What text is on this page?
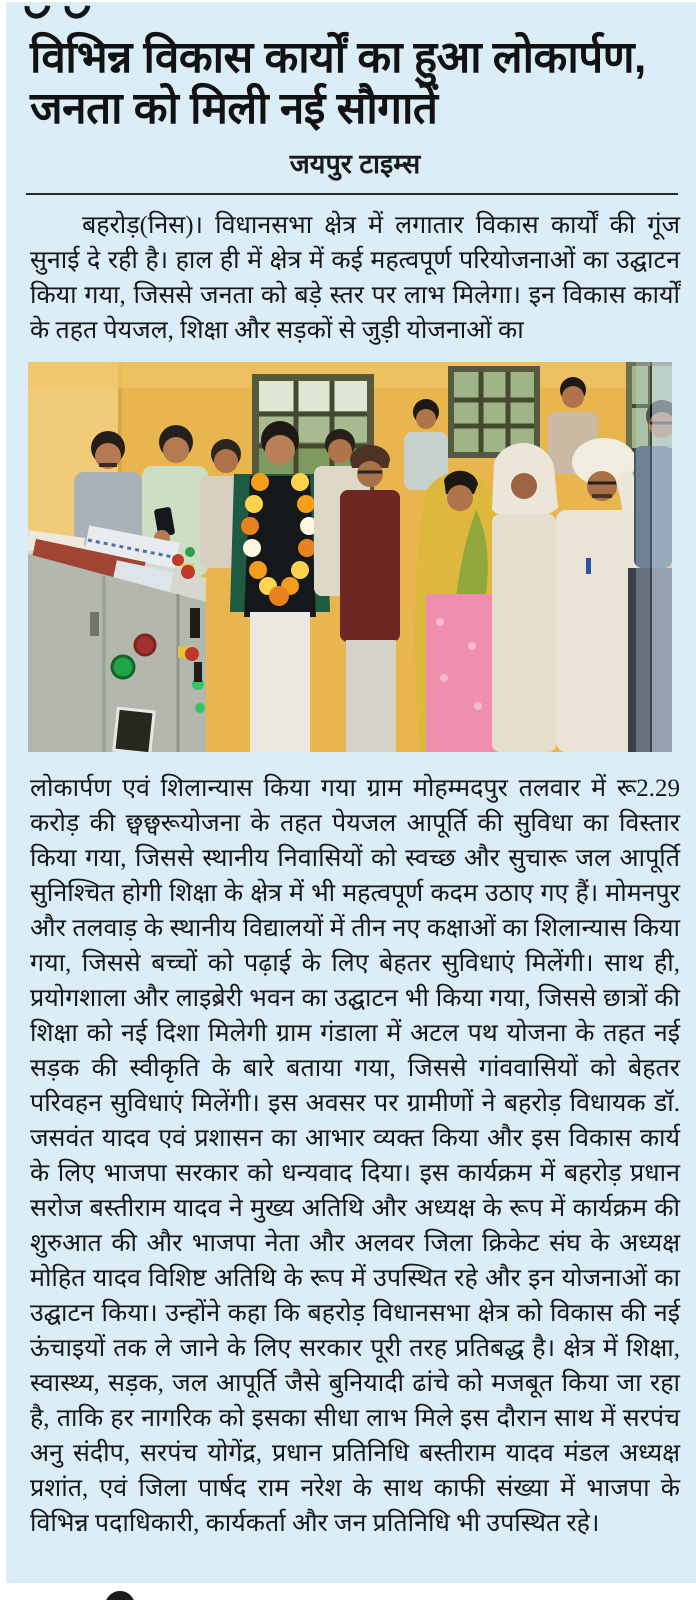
विभिन्न विकास कार्यों का हुआ लोकार्पण, जनता को मिली नई सौगातें
जयपुर टाइम्स

बहरोड़(निस)। विधानसभा क्षेत्र में लगातार विकास कार्यों की गूंज सुनाई दे रही है। हाल ही में क्षेत्र में कई महत्वपूर्ण परियोजनाओं का उद्घाटन किया गया, जिससे जनता को बड़े स्तर पर लाभ मिलेगा। इन विकास कार्यों के तहत पेयजल, शिक्षा और सड़कों से जुड़ी योजनाओं का

लोकार्पण एवं शिलान्यास किया गया ग्राम मोहम्मदपुर तलवार में रू2.29 करोड़ की छ्वछ्वरूयोजना के तहत पेयजल आपूर्ति की सुविधा का विस्तार किया गया, जिससे स्थानीय निवासियों को स्वच्छ और सुचारू जल आपूर्ति सुनिश्चित होगी शिक्षा के क्षेत्र में भी महत्वपूर्ण कदम उठाए गए हैं। मोमनपुर और तलवाड़ के स्थानीय विद्यालयों में तीन नए कक्षाओं का शिलान्यास किया गया, जिससे बच्चों को पढ़ाई के लिए बेहतर सुविधाएं मिलेंगी। साथ ही, प्रयोगशाला और लाइब्रेरी भवन का उद्घाटन भी किया गया, जिससे छात्रों की शिक्षा को नई दिशा मिलेगी ग्राम गंडाला में अटल पथ योजना के तहत नई सड़क की स्वीकृति के बारे बताया गया, जिससे गांववासियों को बेहतर परिवहन सुविधाएं मिलेंगी। इस अवसर पर ग्रामीणों ने बहरोड़ विधायक डॉ. जसवंत यादव एवं प्रशासन का आभार व्यक्त किया और इस विकास कार्य के लिए भाजपा सरकार को धन्यवाद दिया। इस कार्यक्रम में बहरोड़ प्रधान सरोज बस्तीराम यादव ने मुख्य अतिथि और अध्यक्ष के रूप में कार्यक्रम की शुरुआत की और भाजपा नेता और अलवर जिला क्रिकेट संघ के अध्यक्ष मोहित यादव विशिष्ट अतिथि के रूप में उपस्थित रहे और इन योजनाओं का उद्घाटन किया। उन्होंने कहा कि बहरोड़ विधानसभा क्षेत्र को विकास की नई ऊंचाइयों तक ले जाने के लिए सरकार पूरी तरह प्रतिबद्ध है। क्षेत्र में शिक्षा, स्वास्थ्य, सड़क, जल आपूर्ति जैसे बुनियादी ढांचे को मजबूत किया जा रहा है, ताकि हर नागरिक को इसका सीधा लाभ मिले इस दौरान साथ में सरपंच अनु संदीप, सरपंच योगेंद्र, प्रधान प्रतिनिधि बस्तीराम यादव मंडल अध्यक्ष प्रशांत, एवं जिला पार्षद राम नरेश के साथ काफी संख्या में भाजपा के विभिन्न पदाधिकारी, कार्यकर्ता और जन प्रतिनिधि भी उपस्थित रहे।
